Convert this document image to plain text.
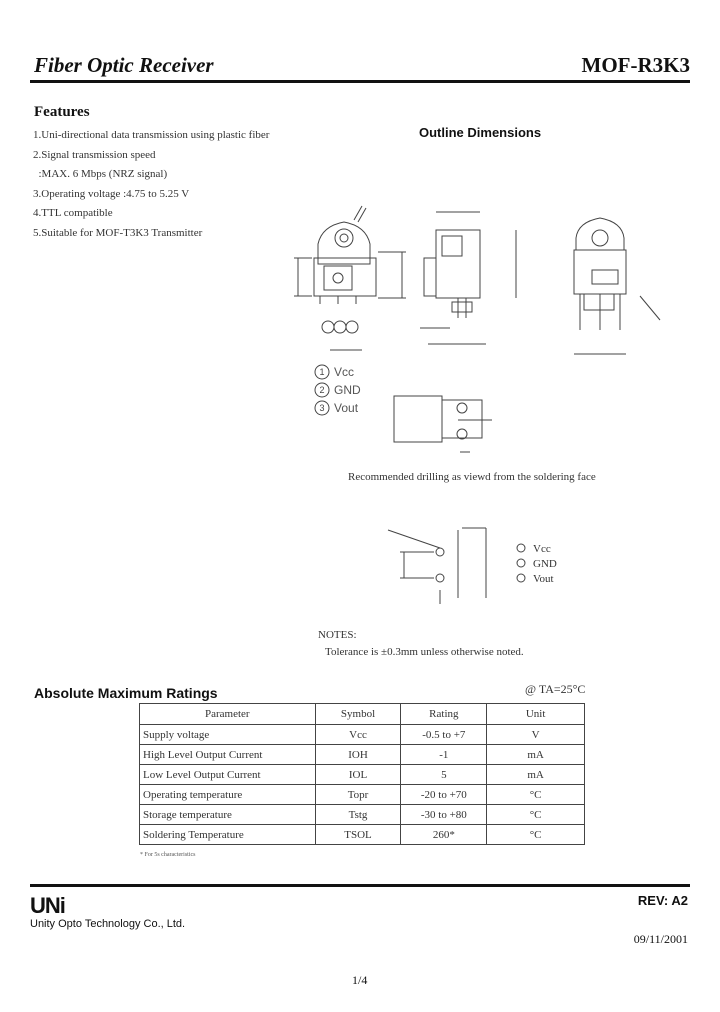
Fiber Optic Receiver	MOF-R3K3
Features
1.Uni-directional data transmission using plastic fiber
2.Signal transmission speed
:MAX. 6 Mbps (NRZ signal)
3.Operating voltage :4.75 to 5.25 V
4.TTL compatible
5.Suitable for MOF-T3K3 Transmitter
Outline Dimensions
1
2
3
Vcc
GND
Vout
Vcc
GND
Vout
Recommended drilling as viewd from the soldering face
NOTES:
Tolerance is ±0.3mm unless otherwise noted.
Absolute Maximum Ratings	@ TA=25°C
Parameter	Symbol	Rating	Unit
Supply voltage	Vcc	-0.5 to +7	V
High Level Output Current	IOH	-1	mA
Low Level Output Current	IOL	5	mA
Operating temperature	Topr	-20 to +70	°C
Storage temperature	Tstg	-30 to +80	°C
Soldering Temperature	TSOL	260*	°C
* For 5s characteristics
UNi
Unity Opto Technology Co., Ltd.
REV: A2
09/11/2001
1/4
